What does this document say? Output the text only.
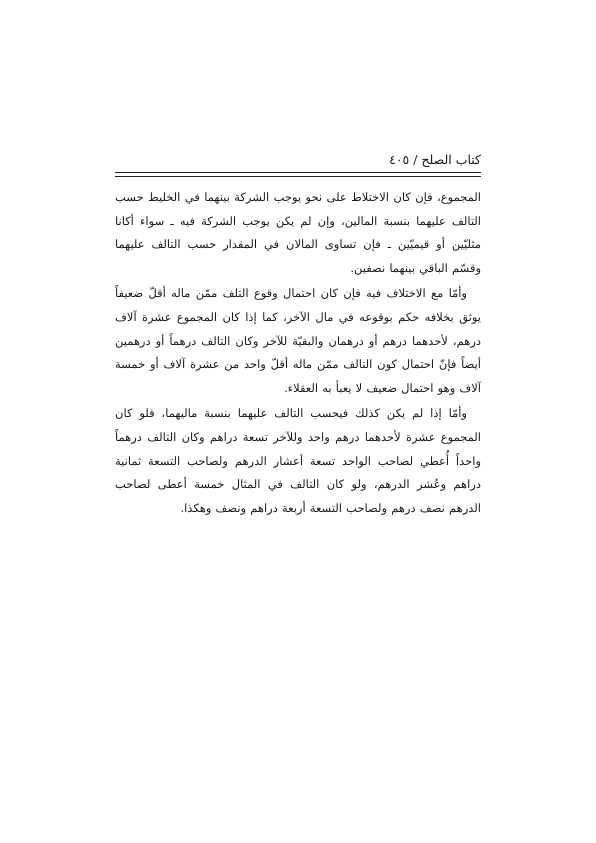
كتاب الصلح / ٤٠٥

المجموع، فإن كان الاختلاط على نحو يوجب الشركة بينهما في الخليط حسب التالف عليهما بنسبة المالين، وإن لم يكن يوجب الشركة فيه ـ سواء أكانا مثليّين أو قيميّين ـ فإن تساوى المالان في المقدار حسب التالف عليهما وقسّم الباقي بينهما نصفين.

وأمّا مع الاختلاف فيه فإن كان احتمال وقوع التلف ممّن ماله أقلّ ضعيفاً يوثق بخلافه حكم بوقوعه في مال الآخر، كما إذا كان المجموع عشرة آلاف درهم، لأحدهما درهم أو درهمان والبقيّة للآخر وكان التالف درهماً أو درهمين أيضاً فإنّ احتمال كون التالف ممّن ماله أقلّ واحد من عشرة آلاف أو خمسة آلاف وهو احتمال ضعيف لا يعبأ به العقلاء.

وأمّا إذا لم يكن كذلك فيحسب التالف عليهما بنسبة ماليهما، فلو كان المجموع عشرة لأحدهما درهم واحد وللآخر تسعة دراهم وكان التالف درهماً واحداً أُعطي لصاحب الواحد تسعة أعشار الدرهم ولصاحب التسعة ثمانية دراهم وعُشر الدرهم، ولو كان التالف في المثال خمسة أعطى لصاحب الدرهم نصف درهم ولصاحب التسعة أربعة دراهم ونصف وهكذا.
